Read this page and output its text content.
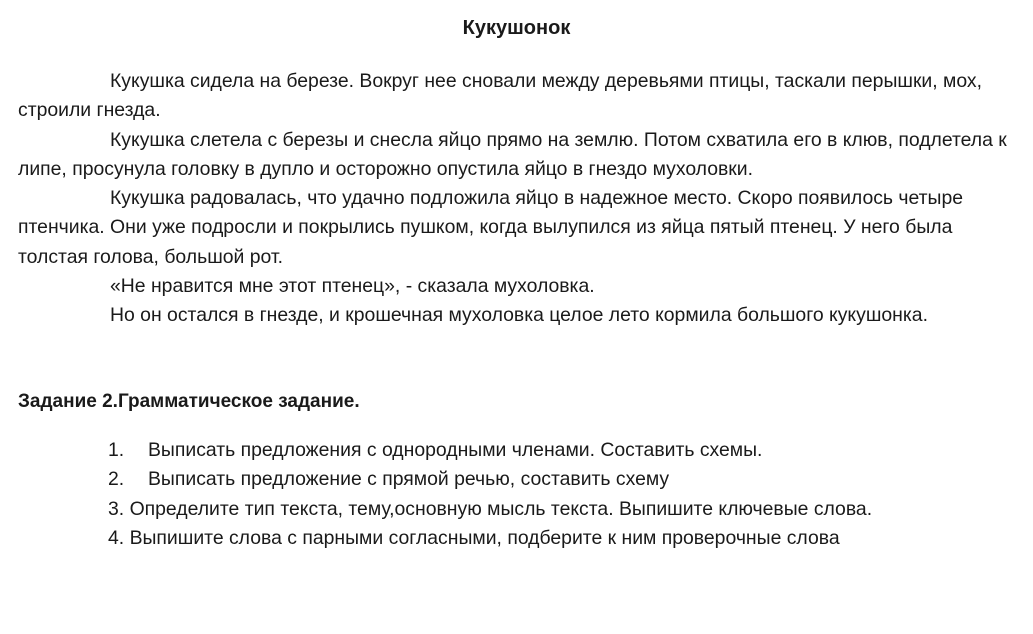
Кукушонок

Кукушка сидела на березе. Вокруг нее сновали между деревьями птицы, таскали перышки, мох, строили гнезда.

Кукушка слетела с березы и снесла яйцо прямо на землю. Потом схватила его в клюв, подлетела к липе, просунула головку в дупло и осторожно опустила яйцо в гнездо мухоловки.

Кукушка радовалась, что удачно подложила яйцо в надежное место. Скоро появилось четыре птенчика. Они уже подросли и покрылись пушком, когда вылупился из яйца пятый птенец. У него была толстая голова, большой рот.

«Не нравится мне этот птенец», - сказала мухоловка.

Но он остался в гнезде, и крошечная мухоловка целое лето кормила большого кукушонка.

Задание 2.Грамматическое задание.
1. Выписать предложения с однородными членами. Составить схемы.
2. Выписать предложение с прямой речью, составить схему
3. Определите тип текста, тему,основную мысль текста. Выпишите ключевые слова.
4. Выпишите слова с парными согласными, подберите к ним проверочные слова
